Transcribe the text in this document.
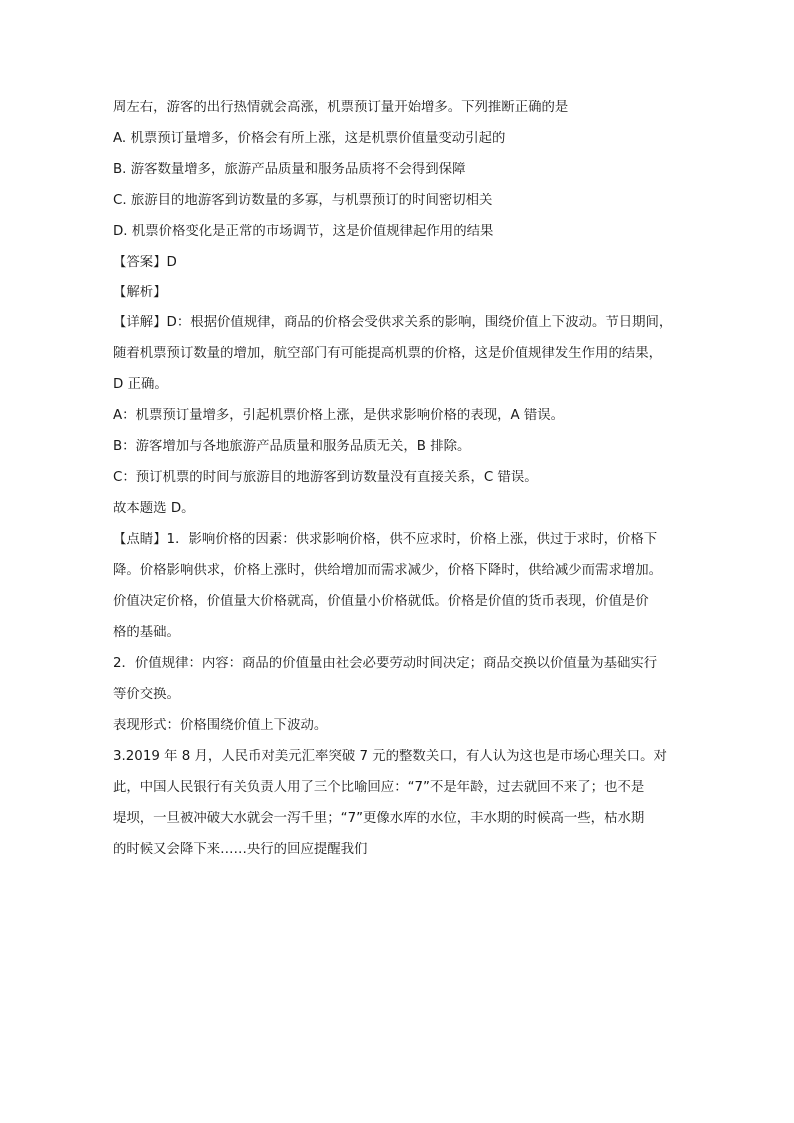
周左右，游客的出行热情就会高涨，机票预订量开始增多。下列推断正确的是
A. 机票预订量增多，价格会有所上涨，这是机票价值量变动引起的
B. 游客数量增多，旅游产品质量和服务品质将不会得到保障
C. 旅游目的地游客到访数量的多寡，与机票预订的时间密切相关
D. 机票价格变化是正常的市场调节，这是价值规律起作用的结果
【答案】D
【解析】
【详解】D：根据价值规律，商品的价格会受供求关系的影响，围绕价值上下波动。节日期间，
随着机票预订数量的增加，航空部门有可能提高机票的价格，这是价值规律发生作用的结果，
D 正确。
A：机票预订量增多，引起机票价格上涨，是供求影响价格的表现，A 错误。
B：游客增加与各地旅游产品质量和服务品质无关，B 排除。
C：预订机票的时间与旅游目的地游客到访数量没有直接关系，C 错误。
故本题选 D。
【点睛】1．影响价格的因素：供求影响价格，供不应求时，价格上涨，供过于求时，价格下
降。价格影响供求，价格上涨时，供给增加而需求减少，价格下降时，供给减少而需求增加。
价值决定价格，价值量大价格就高，价值量小价格就低。价格是价值的货币表现，价值是价
格的基础。
2．价值规律：内容：商品的价值量由社会必要劳动时间决定；商品交换以价值量为基础实行
等价交换。
表现形式：价格围绕价值上下波动。
3.2019 年 8 月，人民币对美元汇率突破 7 元的整数关口，有人认为这也是市场心理关口。对
此，中国人民银行有关负责人用了三个比喻回应：“7”不是年龄，过去就回不来了；也不是
堤坝，一旦被冲破大水就会一泻千里；“7”更像水库的水位，丰水期的时候高一些，枯水期
的时候又会降下来……央行的回应提醒我们
